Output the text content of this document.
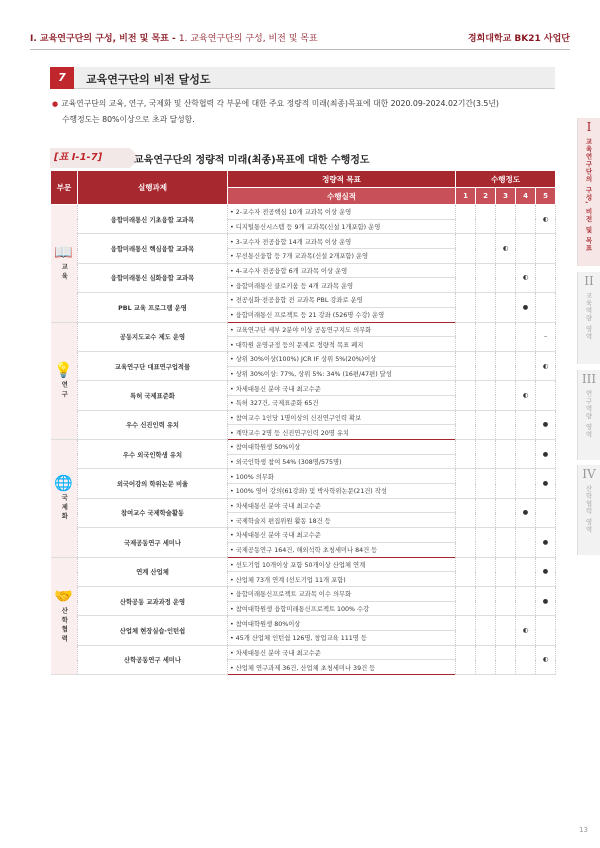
I. 교육연구단의 구성, 비전 및 목표 - 1. 교육연구단의 구성, 비전 및 목표	경희대학교 BK21 사업단
7	교육연구단의 비전 달성도
● 교육연구단의 교육, 연구, 국제화 및 산학협력 각 부문에 대한 주요 정량적 미래(최종)목표에 대한 2020.09-2024.02기간(3.5년)
수행정도는 80%이상으로 초과 달성함.
[표 I-1-7]	교육연구단의 정량적 미래(최종)목표에 대한 수행정도
부문	실행과제	정량적 목표	수행정도				
		수행실적	1	2	3	4	5

📖
교육	융합미래통신 기초융합 교과목	• 2-교수자 전공핵심 10개 교과목 이상 운영					◐
		• 디지털통신시스템 등 9개 교과목(신설 1개포함) 운영					
	융합미래통신 핵심융합 교과목	• 3-교수자 전공융합 14개 교과목 이상 운영			◐		
		• 무선통신융합 등 7개 교과목(신설 2개포함) 운영					
	융합미래통신 심화융합 교과목	• 4-교수자 전공융합 6개 교과목 이상 운영				◐	
		• 융합미래통신 클로키움 등 4개 교과목 운영					
	PBL 교육 프로그램 운영	• 전공심화·전공융합 전 교과목 PBL 강좌로 운영				●	
		• 융합미래통신 프로젝트 등 21 강좌 (526명 수강) 운영					

💡
연구	공동지도교수 제도 운영	• 교육연구단 세부 2분야 이상 공동연구지도 의무화					–
		• 대학원 운영규정 등의 문제로 정량적 목표 폐지					
	교육연구단 대표연구업적물	• 상위 30%이상(100%) JCR IF 상위 5%(20%)이상					◐
		• 상위 30%이상: 77%, 상위 5%: 34% (16편/47편) 달성					
	특허 국제표준화	• 차세대통신 분야 국내 최고수준				◐	
		• 특허 327건, 국제표준화 65건					
	우수 신진인력 유치	• 참여교수 1인당 1명이상의 신진연구인력 확보					●
		• 계약교수 2명 등 신진연구인력 20명 유치					

🌐
국제화	우수 외국인학생 유치	• 참여대학원생 50%이상					●
		• 외국인학생 참여 54% (308명/575명)					
	외국어강의 학위논문 비율	• 100% 의무화					●
		• 100% 영어 강의(61강좌) 및 박사학위논문(21건) 작성					
	참여교수 국제학술활동	• 차세대통신 분야 국내 최고수준				●	
		• 국제학술지 편집위원 활동 18건 등					
	국제공동연구 세미나	• 차세대통신 분야 국내 최고수준					●
		• 국제공동연구 164건, 해외석학 초청세미나 84건 등					

🤝
산학협력	연계 산업체	• 선도기업 10개이상 포함 50개이상 산업체 연계					●
		• 산업체 73개 연계 (선도기업 11개 포함)					
	산학공동 교과과정 운영	• 융합미래통신프로젝트 교과목 이수 의무화					●
		• 참여대학원생 융합미래통신프로젝트 100% 수강					
	산업체 현장실습·인턴쉽	• 참여대학원생 80%이상				◐	
		• 45개 산업체 인턴쉽 126명, 창업교육 111명 등					
	산학공동연구 세미나	• 차세대통신 분야 국내 최고수준					◐
		• 산업체 연구과제 36건, 산업체 초청세미나 39건 등					
I
교육연구단의 구성, 비전 및 목표
II
교육역량 영역
III
연구역량 영역
IV
산학협력 영역
13
